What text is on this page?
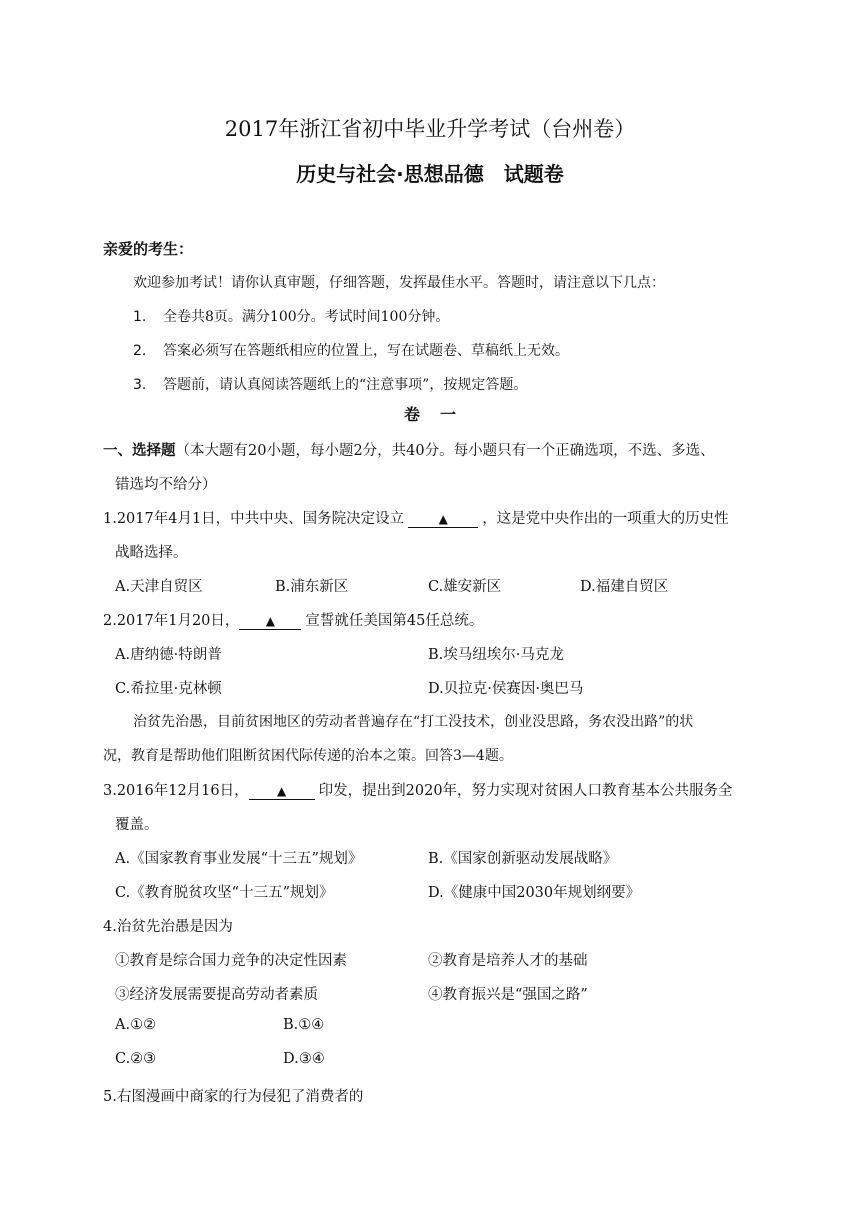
2017年浙江省初中毕业升学考试（台州卷）
历史与社会·思想品德　试题卷
亲爱的考生：
欢迎参加考试！请你认真审题，仔细答题，发挥最佳水平。答题时，请注意以下几点：
1. 全卷共8页。满分100分。考试时间100分钟。
2. 答案必须写在答题纸相应的位置上，写在试题卷、草稿纸上无效。
3. 答题前，请认真阅读答题纸上的“注意事项”，按规定答题。
卷 一
一、选择题（本大题有20小题，每小题2分，共40分。每小题只有一个正确选项，不选、多选、
错选均不给分）
1.2017年4月1日，中共中央、国务院决定设立	▲ ，这是党中央作出的一项重大的历史性
战略选择。
A.天津自贸区	B.浦东新区	C.雄安新区	D.福建自贸区
2.2017年1月20日， ▲ 宣誓就任美国第45任总统。
A.唐纳德·特朗普	B.埃马纽埃尔·马克龙
C.希拉里·克林顿	D.贝拉克·侯赛因·奥巴马
治贫先治愚，目前贫困地区的劳动者普遍存在“打工没技术，创业没思路，务农没出路”的状
况，教育是帮助他们阻断贫困代际传递的治本之策。回答3—4题。
3.2016年12月16日， ▲ 印发，提出到2020年，努力实现对贫困人口教育基本公共服务全
覆盖。
A.《国家教育事业发展“十三五”规划》	B.《国家创新驱动发展战略》
C.《教育脱贫攻坚“十三五”规划》	D.《健康中国2030年规划纲要》
4.治贫先治愚是因为
①教育是综合国力竞争的决定性因素	②教育是培养人才的基础
③经济发展需要提高劳动者素质	④教育振兴是“强国之路”
A.①②	B.①④
C.②③	D.③④
5.右图漫画中商家的行为侵犯了消费者的
